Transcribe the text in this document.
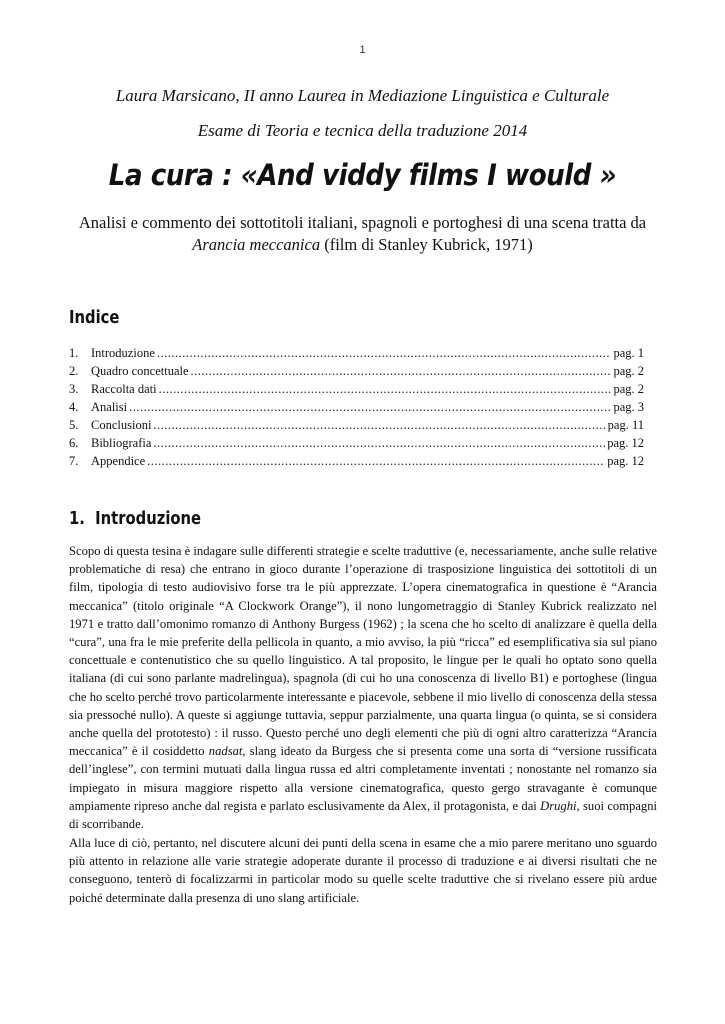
1
Laura Marsicano, II anno Laurea in Mediazione Linguistica e Culturale
Esame di Teoria e tecnica della traduzione 2014
La cura : «And viddy films I would »
Analisi e commento dei sottotitoli italiani, spagnoli e portoghesi di una scena tratta da Arancia meccanica (film di Stanley Kubrick, 1971)
Indice
1.	Introduzione .....	pag. 1
2.	Quadro concettuale .....	pag. 2
3.	Raccolta dati .....	pag. 2
4.	Analisi .....	pag. 3
5.	Conclusioni .....	pag. 11
6.	Bibliografia .....	pag. 12
7.	Appendice .....	pag. 12
1. Introduzione

Scopo di questa tesina è indagare sulle differenti strategie e scelte traduttive (e, necessariamente, anche sulle relative problematiche di resa) che entrano in gioco durante l’operazione di trasposizione linguistica dei sottotitoli di un film, tipologia di testo audiovisivo forse tra le più apprezzate. L’opera cinematografica in questione è “Arancia meccanica” (titolo originale “A Clockwork Orange”), il nono lungometraggio di Stanley Kubrick realizzato nel 1971 e tratto dall’omonimo romanzo di Anthony Burgess (1962) ; la scena che ho scelto di analizzare è quella della “cura”, una fra le mie preferite della pellicola in quanto, a mio avviso, la più “ricca” ed esemplificativa sia sul piano concettuale e contenutistico che su quello linguistico. A tal proposito, le lingue per le quali ho optato sono quella italiana (di cui sono parlante madrelingua), spagnola (di cui ho una conoscenza di livello B1) e portoghese (lingua che ho scelto perché trovo particolarmente interessante e piacevole, sebbene il mio livello di conoscenza della stessa sia pressoché nullo). A queste si aggiunge tuttavia, seppur parzialmente, una quarta lingua (o quinta, se si considera anche quella del prototesto) : il russo. Questo perché uno degli elementi che più di ogni altro caratterizza “Arancia meccanica” è il cosiddetto nadsat, slang ideato da Burgess che si presenta come una sorta di “versione russificata dell’inglese”, con termini mutuati dalla lingua russa ed altri completamente inventati ; nonostante nel romanzo sia impiegato in misura maggiore rispetto alla versione cinematografica, questo gergo stravagante è comunque ampiamente ripreso anche dal regista e parlato esclusivamente da Alex, il protagonista, e dai Drughi, suoi compagni di scorribande.

Alla luce di ciò, pertanto, nel discutere alcuni dei punti della scena in esame che a mio parere meritano uno sguardo più attento in relazione alle varie strategie adoperate durante il processo di traduzione e ai diversi risultati che ne conseguono, tenterò di focalizzarmi in particolar modo su quelle scelte traduttive che si rivelano essere più ardue poiché determinate dalla presenza di uno slang artificiale.
